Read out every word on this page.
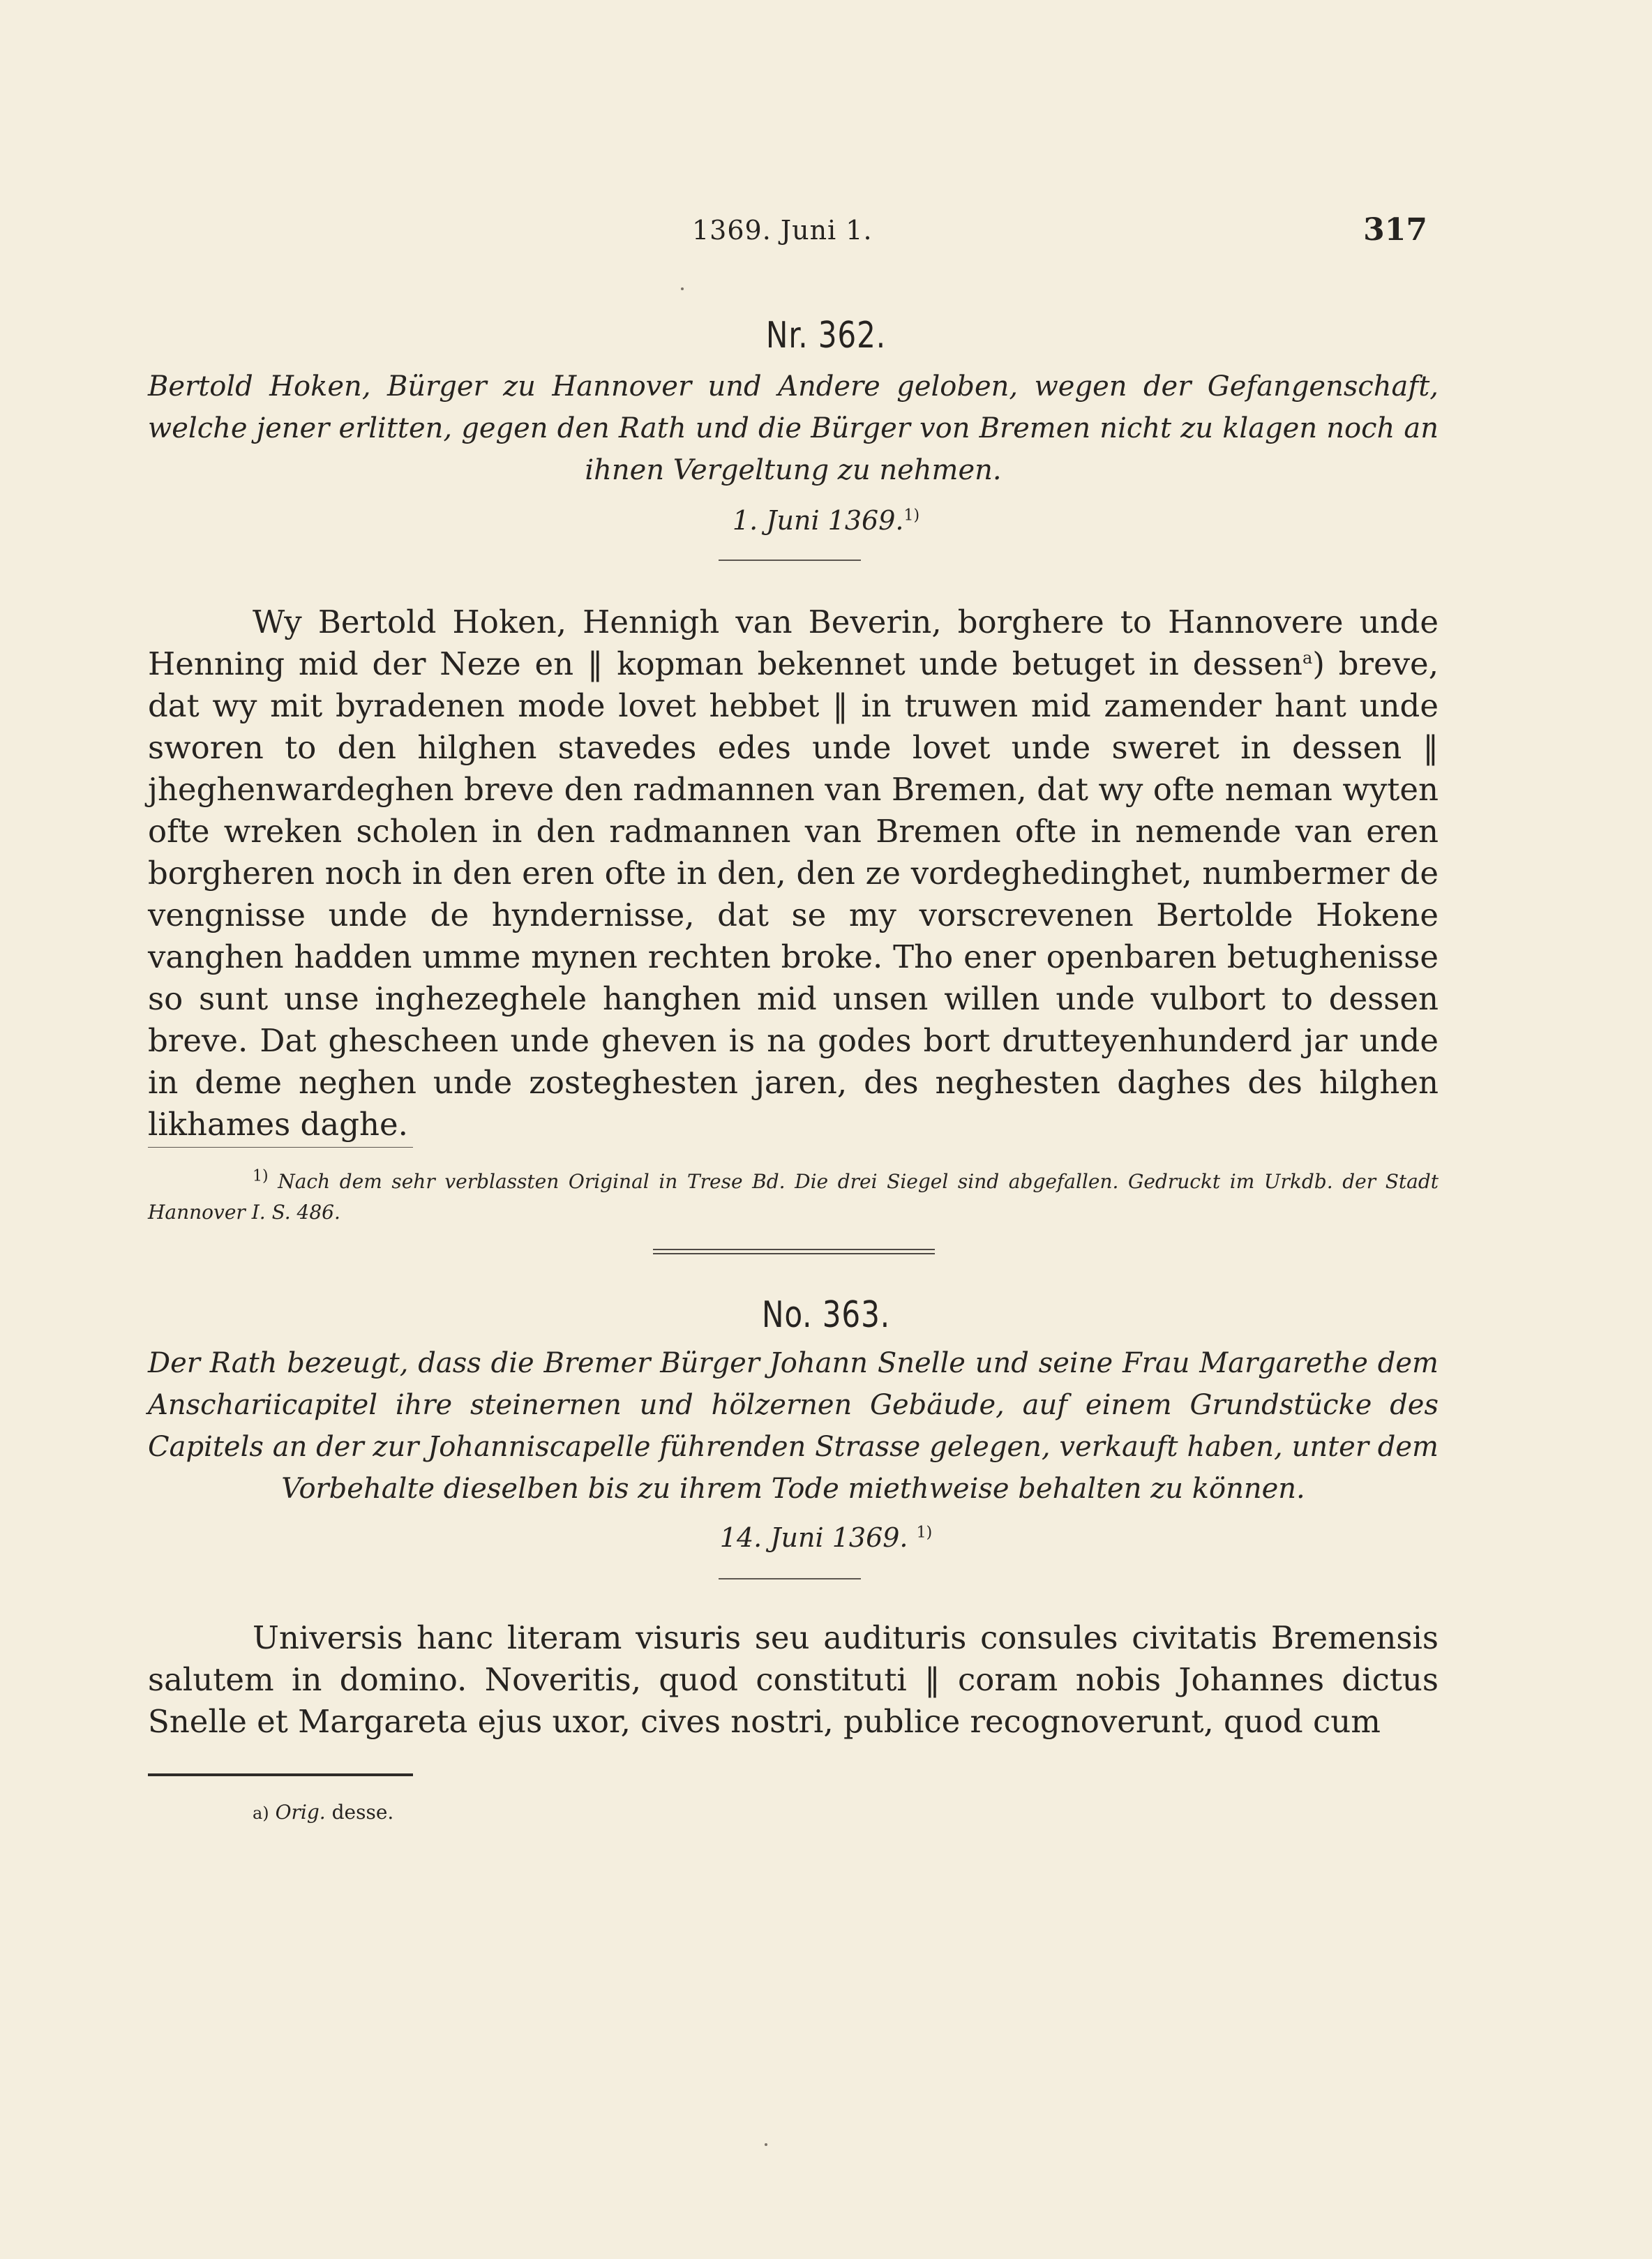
1369. Juni 1.	317
Nr. 362.
Bertold Hoken, Bürger zu Hannover und Andere geloben, wegen der Gefangenschaft, welche jener erlitten, gegen den Rath und die Bürger von Bremen nicht zu klagen noch an ihnen Vergeltung zu nehmen.
1. Juni 1369.$^{1)}$
Wy Bertold Hoken, Hennigh van Beverin, borghere to Hannovere unde Henning mid der Neze en ‖ kopman bekennet unde betuget in dessen$^a$) breve, dat wy mit byradenen mode lovet hebbet ‖ in truwen mid zamender hant unde sworen to den hilghen stavedes edes unde lovet unde sweret in dessen ‖ jheghenwardeghen breve den radmannen van Bremen, dat wy ofte neman wyten ofte wreken scholen in den radmannen van Bremen ofte in nemende van eren borgheren noch in den eren ofte in den, den ze vordeghedinghet, numbermer de vengnisse unde de hyndernisse, dat se my vorscrevenen Bertolde Hokene vanghen hadden umme mynen rechten broke. Tho ener openbaren betughenisse so sunt unse inghezeghele hanghen mid unsen willen unde vulbort to dessen breve. Dat ghescheen unde gheven is na godes bort drutteyenhunderd jar unde in deme neghen unde zosteghesten jaren, des neghesten daghes des hilghen likhames daghe.
$^{1)}$ Nach dem sehr verblassten Original in Trese Bd. Die drei Siegel sind abgefallen. Gedruckt im Urkdb. der Stadt Hannover I. S. 486.
No. 363.
Der Rath bezeugt, dass die Bremer Bürger Johann Snelle und seine Frau Margarethe dem Anschariicapitel ihre steinernen und hölzernen Gebäude, auf einem Grundstücke des Capitels an der zur Johanniscapelle führenden Strasse gelegen, verkauft haben, unter dem Vorbehalte dieselben bis zu ihrem Tode miethweise behalten zu können.
14. Juni 1369. $^{1)}$
Universis hanc literam visuris seu audituris consules civitatis Bremensis salutem in domino. Noveritis, quod constituti ‖ coram nobis Johannes dictus Snelle et Margareta ejus uxor, cives nostri, publice recognoverunt, quod cum
a) Orig. desse.
